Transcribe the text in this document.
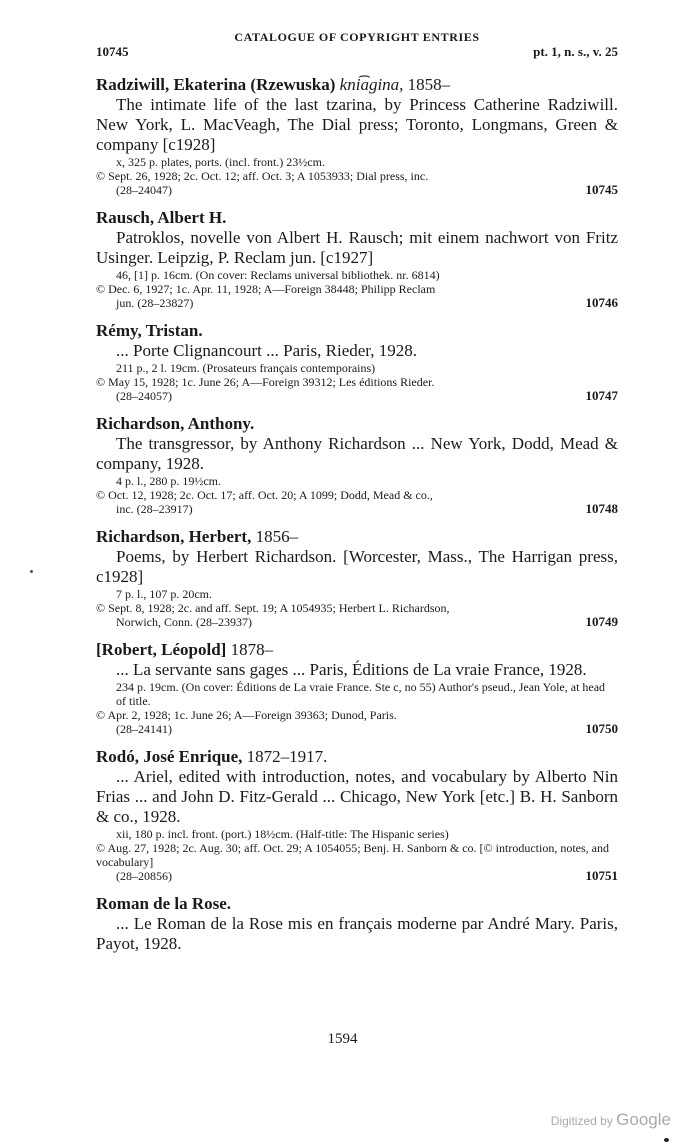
CATALOGUE OF COPYRIGHT ENTRIES
10745	pt. 1, n. s., v. 25
Radziwill, Ekaterina (Rzewuska) kni͡agina, 1858–
The intimate life of the last tzarina, by Princess Catherine Radziwill. New York, L. MacVeagh, The Dial press; Toronto, Longmans, Green & company [c1928]
x, 325 p. plates, ports. (incl. front.) 23½cm.
© Sept. 26, 1928; 2c. Oct. 12; aff. Oct. 3; A 1053933; Dial press, inc.
(28–24047)	10745
Rausch, Albert H.
Patroklos, novelle von Albert H. Rausch; mit einem nachwort von Fritz Usinger. Leipzig, P. Reclam jun. [c1927]
46, [1] p. 16cm. (On cover: Reclams universal bibliothek. nr. 6814)
© Dec. 6, 1927; 1c. Apr. 11, 1928; A—Foreign 38448; Philipp Reclam
jun. (28–23827)	10746
Rémy, Tristan.
... Porte Clignancourt ... Paris, Rieder, 1928.
211 p., 2 l. 19cm. (Prosateurs français contemporains)
© May 15, 1928; 1c. June 26; A—Foreign 39312; Les éditions Rieder.
(28–24057)	10747
Richardson, Anthony.
The transgressor, by Anthony Richardson ... New York, Dodd, Mead & company, 1928.
4 p. l., 280 p. 19½cm.
© Oct. 12, 1928; 2c. Oct. 17; aff. Oct. 20; A 1099; Dodd, Mead & co.,
inc. (28–23917)	10748
Richardson, Herbert, 1856–
Poems, by Herbert Richardson. [Worcester, Mass., The Harrigan press, c1928]
7 p. l., 107 p. 20cm.
© Sept. 8, 1928; 2c. and aff. Sept. 19; A 1054935; Herbert L. Richardson,
Norwich, Conn. (28–23937)	10749
[Robert, Léopold] 1878–
... La servante sans gages ... Paris, Éditions de La vraie France, 1928.
234 p. 19cm. (On cover: Éditions de La vraie France. Ste c, no 55) Author's pseud., Jean Yole, at head of title.
© Apr. 2, 1928; 1c. June 26; A—Foreign 39363; Dunod, Paris.
(28–24141)	10750
Rodó, José Enrique, 1872–1917.
... Ariel, edited with introduction, notes, and vocabulary by Alberto Nin Frias ... and John D. Fitz-Gerald ... Chicago, New York [etc.] B. H. Sanborn & co., 1928.
xii, 180 p. incl. front. (port.) 18½cm. (Half-title: The Hispanic series)
© Aug. 27, 1928; 2c. Aug. 30; aff. Oct. 29; A 1054055; Benj. H. Sanborn & co. [© introduction, notes, and vocabulary]
(28–20856)	10751
Roman de la Rose.
... Le Roman de la Rose mis en français moderne par André Mary. Paris, Payot, 1928.
1594
Digitized by Google
